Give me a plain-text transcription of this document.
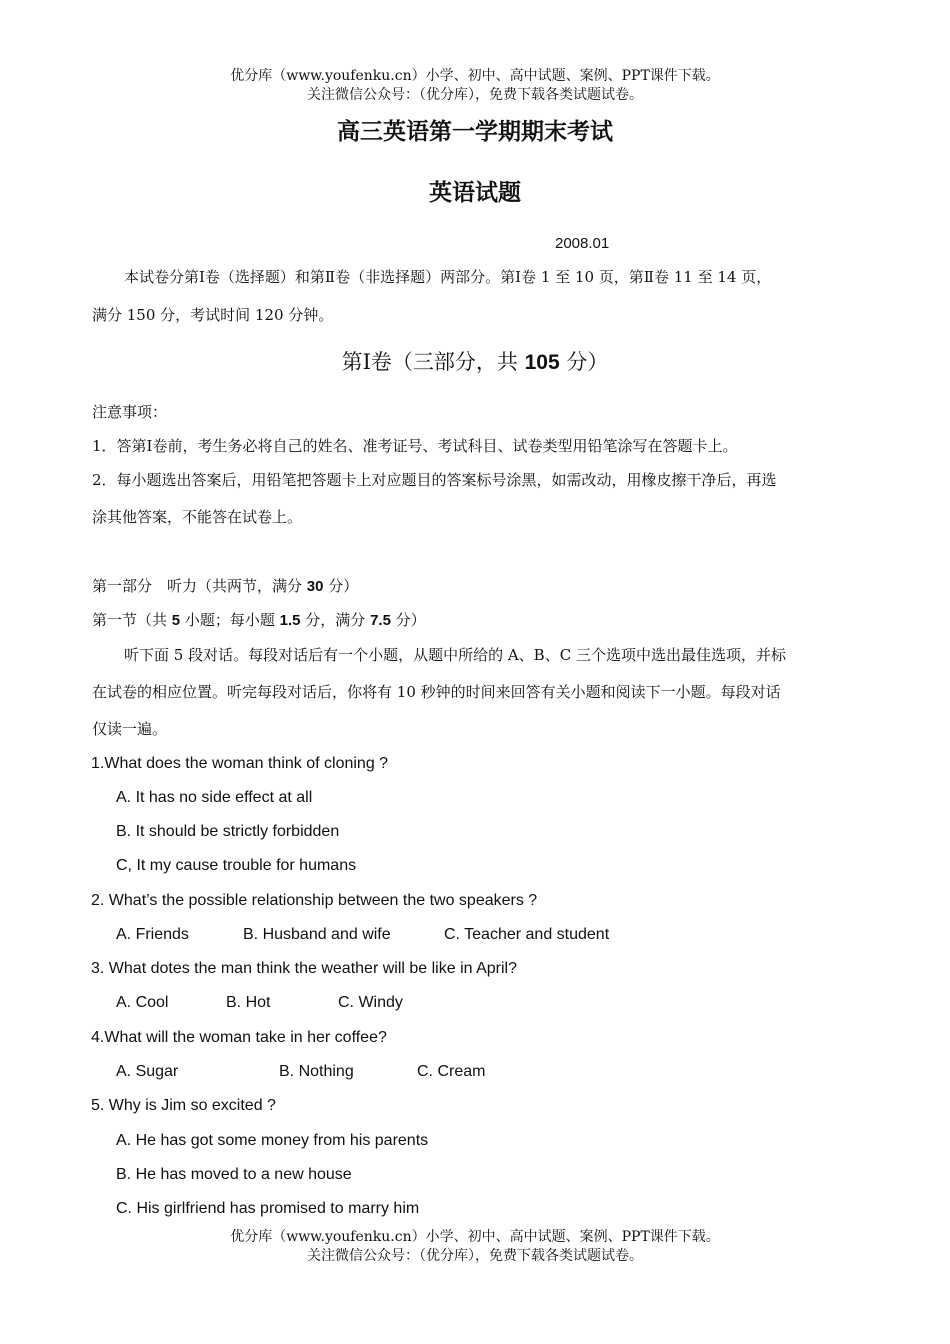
优分库（www.youfenku.cn）小学、初中、高中试题、案例、PPT课件下载。
关注微信公众号：（优分库），免费下载各类试题试卷。
高三英语第一学期期末考试
英语试题
2008.01
本试卷分第Ⅰ卷（选择题）和第Ⅱ卷（非选择题）两部分。第Ⅰ卷 1 至 10 页，第Ⅱ卷 11 至 14 页，
满分 150 分，考试时间 120 分钟。
第Ⅰ卷（三部分，共 105 分）
注意事项：
1．答第Ⅰ卷前，考生务必将自己的姓名、准考证号、考试科目、试卷类型用铅笔涂写在答题卡上。
2．每小题选出答案后，用铅笔把答题卡上对应题目的答案标号涂黑，如需改动，用橡皮擦干净后，再选
涂其他答案，不能答在试卷上。
第一部分　听力（共两节，满分 30 分）
第一节（共 5 小题；每小题 1.5 分，满分 7.5 分）
听下面 5 段对话。每段对话后有一个小题，从题中所给的 A、B、C 三个选项中选出最佳选项，并标
在试卷的相应位置。听完每段对话后，你将有 10 秒钟的时间来回答有关小题和阅读下一小题。每段对话
仅读一遍。
1.What does the woman think of cloning ?
A. It has no side effect at all
B. It should be strictly forbidden
C, It my cause trouble for humans
2. What’s the possible relationship between the two speakers ?
A. Friends	B. Husband and wife	C. Teacher and student
3. What dotes the man think the weather will be like in April?
A. Cool	B. Hot	C. Windy
4.What will the woman take in her coffee?
A. Sugar	B. Nothing	C. Cream
5. Why is Jim so excited ?
A. He has got some money from his parents
B. He has moved to a new house
C. His girlfriend has promised to marry him
优分库（www.youfenku.cn）小学、初中、高中试题、案例、PPT课件下载。
关注微信公众号：（优分库），免费下载各类试题试卷。
